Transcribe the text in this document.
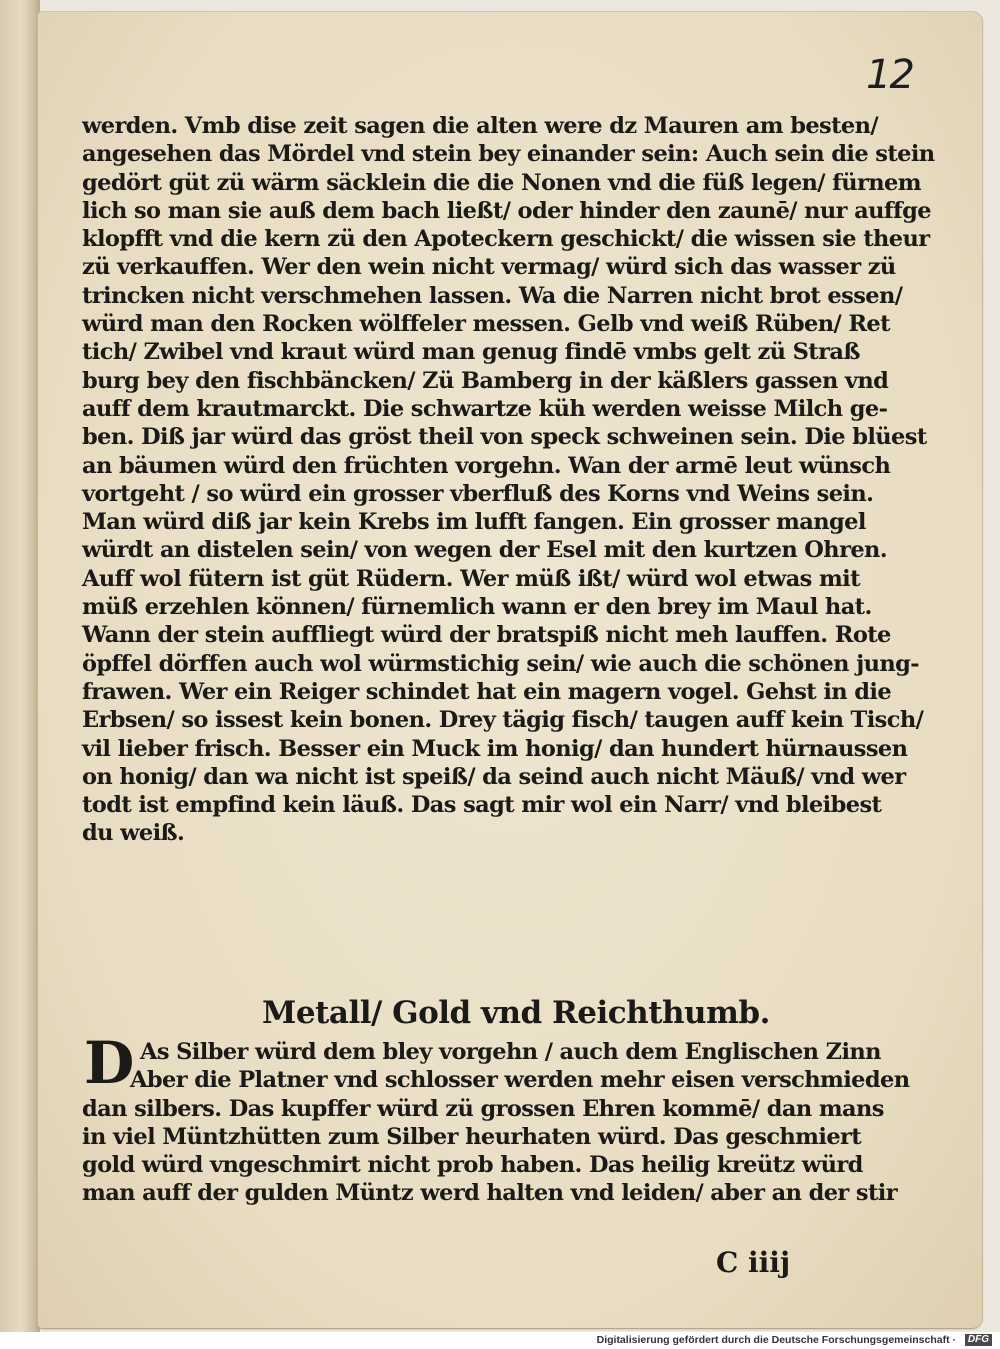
12
werden. Vmb dise zeit sagen die alten were dz Mauren am besten/
angesehen das Mördel vnd stein bey einander sein: Auch sein die stein
gedört güt zü wärm säcklein die die Nonen vnd die füß legen/ fürnem
lich so man sie auß dem bach ließt/ oder hinder den zaunē/ nur auffge
klopfft vnd die kern zü den Apoteckern geschickt/ die wissen sie theur
zü verkauffen. Wer den wein nicht vermag/ würd sich das wasser zü
trincken nicht verschmehen lassen. Wa die Narren nicht brot essen/
würd man den Rocken wölffeler messen. Gelb vnd weiß Rüben/ Ret
tich/ Zwibel vnd kraut würd man genug findē vmbs gelt zü Straß
burg bey den fischbäncken/ Zü Bamberg in der käßlers gassen vnd
auff dem krautmarckt. Die schwartze küh werden weisse Milch ge-
ben. Diß jar würd das gröst theil von speck schweinen sein. Die blüest
an bäumen würd den früchten vorgehn. Wan der armē leut wünsch
vortgeht / so würd ein grosser vberfluß des Korns vnd Weins sein.
Man würd diß jar kein Krebs im lufft fangen. Ein grosser mangel
würdt an distelen sein/ von wegen der Esel mit den kurtzen Ohren.
Auff wol fütern ist güt Rüdern. Wer müß ißt/ würd wol etwas mit
müß erzehlen können/ fürnemlich wann er den brey im Maul hat.
Wann der stein auffliegt würd der bratspiß nicht meh lauffen. Rote
öpffel dörffen auch wol würmstichig sein/ wie auch die schönen jung-
frawen. Wer ein Reiger schindet hat ein magern vogel. Gehst in die
Erbsen/ so issest kein bonen. Drey tägig fisch/ taugen auff kein Tisch/
vil lieber frisch. Besser ein Muck im honig/ dan hundert hürnaussen
on honig/ dan wa nicht ist speiß/ da seind auch nicht Mäuß/ vnd wer
todt ist empfind kein läuß. Das sagt mir wol ein Narr/ vnd bleibest
du weiß.
Metall/ Gold vnd Reichthumb.
D As Silber würd dem bley vorgehn / auch dem Englischen Zinn
Aber die Platner vnd schlosser werden mehr eisen verschmieden
dan silbers. Das kupffer würd zü grossen Ehren kommē/ dan mans
in viel Müntzhütten zum Silber heurhaten würd. Das geschmiert
gold würd vngeschmirt nicht prob haben. Das heilig kreütz würd
man auff der gulden Müntz werd halten vnd leiden/ aber an der stir
C iiij
Digitalisierung gefördert durch die Deutsche Forschungsgemeinschaft ·	DFG
